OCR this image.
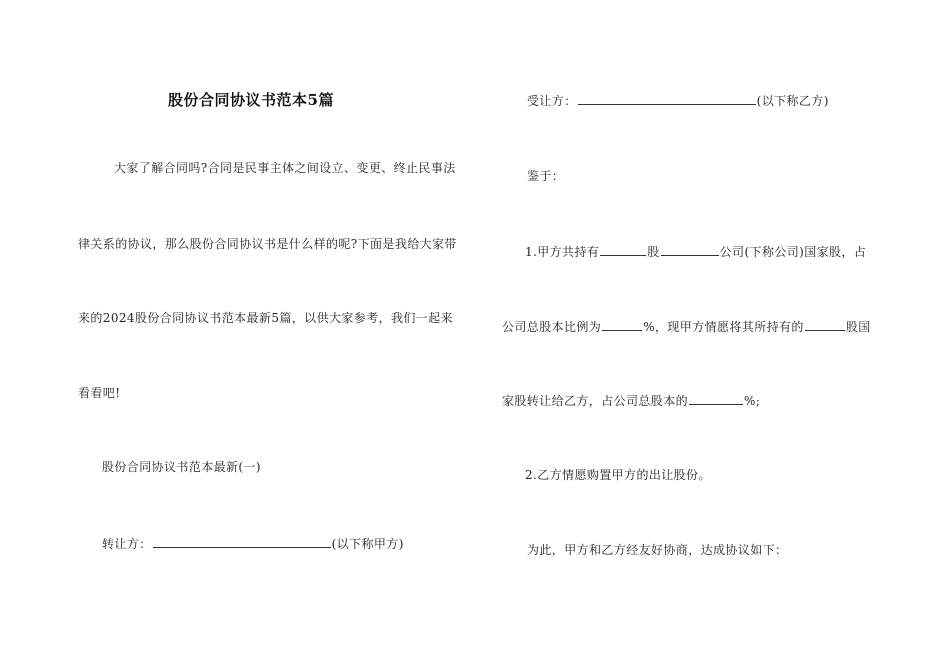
股份合同协议书范本5篇

大家了解合同吗?合同是民事主体之间设立、变更、终止民事法

律关系的协议，那么股份合同协议书是什么样的呢?下面是我给大家带

来的2024股份合同协议书范本最新5篇，以供大家参考，我们一起来

看看吧!

股份合同协议书范本最新(一)

转让方：	(以下称甲方)

受让方：	(以下称乙方)

鉴于：

1.甲方共持有	股	公司(下称公司)国家股，占

公司总股本比例为	%，现甲方情愿将其所持有的	股国

家股转让给乙方，占公司总股本的	%;

2.乙方情愿购置甲方的出让股份。

为此，甲方和乙方经友好协商，达成协议如下：
